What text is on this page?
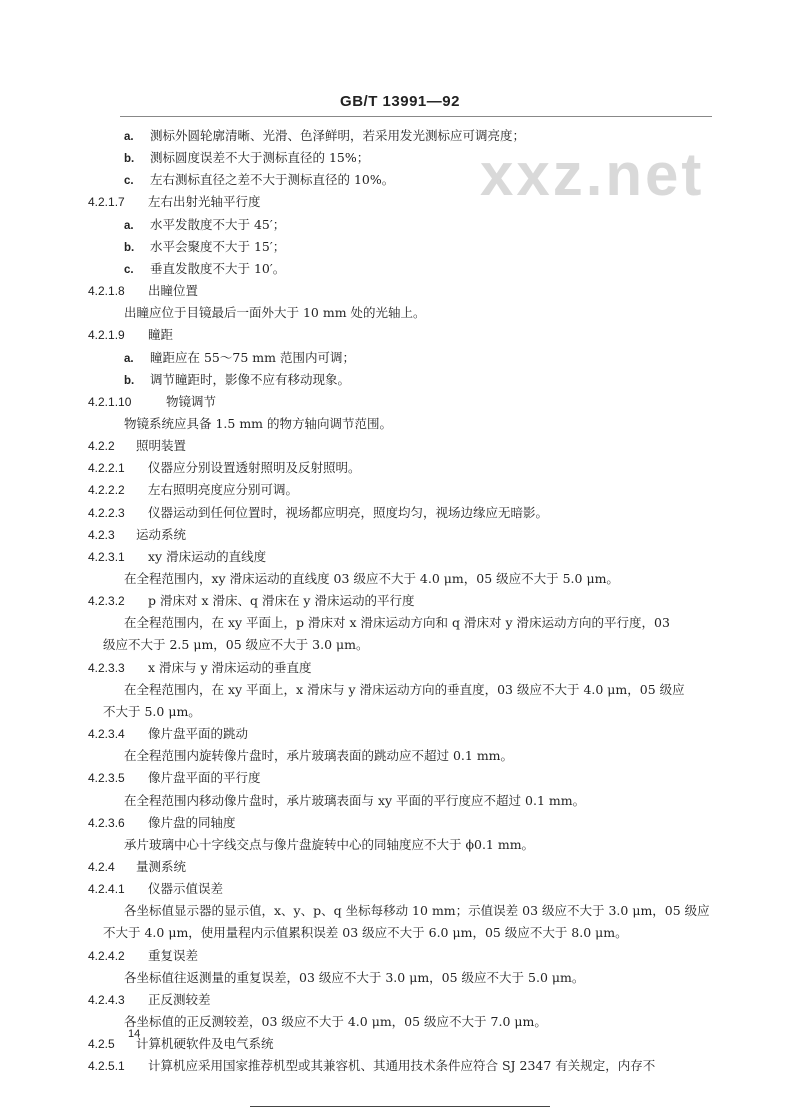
GB/T 13991—92
xxz.net
a. 测标外圆轮廓清晰、光滑、色泽鲜明，若采用发光测标应可调亮度；
b. 测标圆度误差不大于测标直径的 15%；
c. 左右测标直径之差不大于测标直径的 10%。
4.2.1.7 左右出射光轴平行度
a. 水平发散度不大于 45′；
b. 水平会聚度不大于 15′；
c. 垂直发散度不大于 10′。
4.2.1.8 出瞳位置
出瞳应位于目镜最后一面外大于 10 mm 处的光轴上。
4.2.1.9 瞳距
a. 瞳距应在 55～75 mm 范围内可调；
b. 调节瞳距时，影像不应有移动现象。
4.2.1.10	物镜调节
物镜系统应具备 1.5 mm 的物方轴向调节范围。
4.2.2 照明装置
4.2.2.1 仪器应分别设置透射照明及反射照明。
4.2.2.2 左右照明亮度应分别可调。
4.2.2.3 仪器运动到任何位置时，视场都应明亮，照度均匀，视场边缘应无暗影。
4.2.3 运动系统
4.2.3.1 xy 滑床运动的直线度
在全程范围内，xy 滑床运动的直线度 03 级应不大于 4.0 μm，05 级应不大于 5.0 μm。
4.2.3.2 p 滑床对 x 滑床、q 滑床在 y 滑床运动的平行度
在全程范围内，在 xy 平面上，p 滑床对 x 滑床运动方向和 q 滑床对 y 滑床运动方向的平行度，03
级应不大于 2.5 μm，05 级应不大于 3.0 μm。
4.2.3.3 x 滑床与 y 滑床运动的垂直度
在全程范围内，在 xy 平面上，x 滑床与 y 滑床运动方向的垂直度，03 级应不大于 4.0 μm，05 级应
不大于 5.0 μm。
4.2.3.4 像片盘平面的跳动
在全程范围内旋转像片盘时，承片玻璃表面的跳动应不超过 0.1 mm。
4.2.3.5 像片盘平面的平行度
在全程范围内移动像片盘时，承片玻璃表面与 xy 平面的平行度应不超过 0.1 mm。
4.2.3.6 像片盘的同轴度
承片玻璃中心十字线交点与像片盘旋转中心的同轴度应不大于 ϕ0.1 mm。
4.2.4 量测系统
4.2.4.1 仪器示值误差
各坐标值显示器的显示值，x、y、p、q 坐标每移动 10 mm；示值误差 03 级应不大于 3.0 μm，05 级应
不大于 4.0 μm，使用量程内示值累积误差 03 级应不大于 6.0 μm，05 级应不大于 8.0 μm。
4.2.4.2 重复误差
各坐标值往返测量的重复误差，03 级应不大于 3.0 μm，05 级应不大于 5.0 μm。
4.2.4.3 正反测较差
各坐标值的正反测较差，03 级应不大于 4.0 μm，05 级应不大于 7.0 μm。
4.2.5 计算机硬软件及电气系统
4.2.5.1 计算机应采用国家推荐机型或其兼容机、其通用技术条件应符合 SJ 2347 有关规定，内存不
14
